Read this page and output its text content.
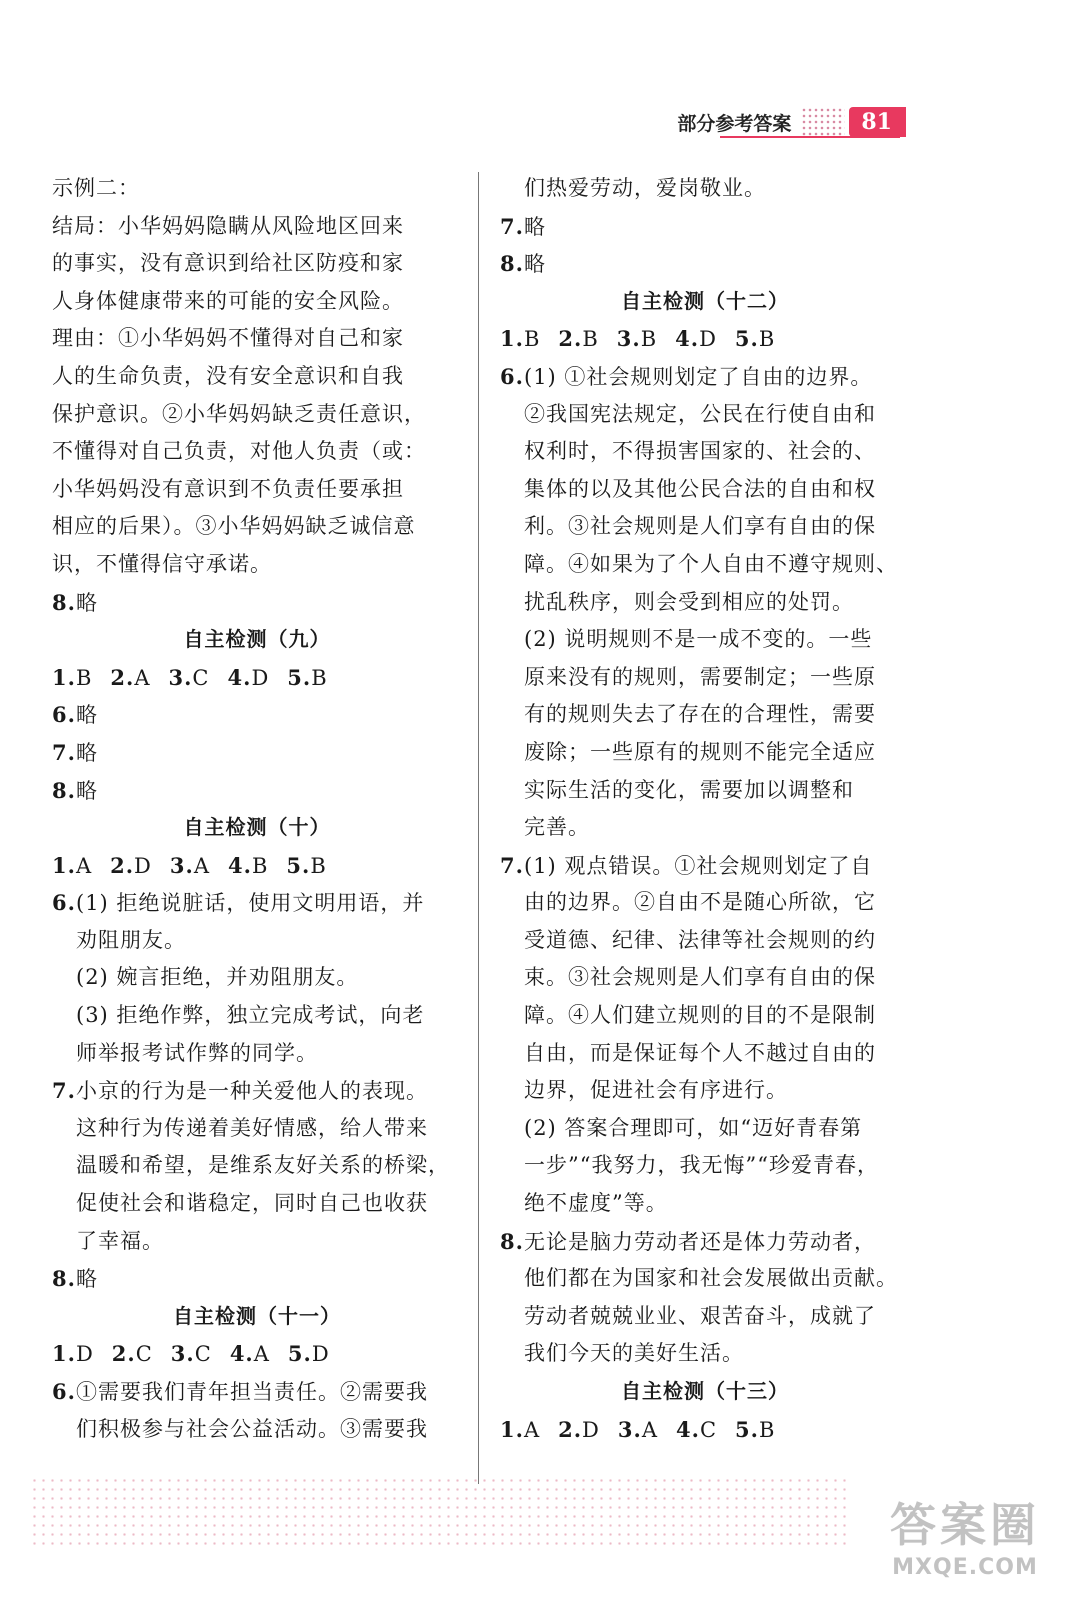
部分参考答案	81
示例二：
结局：小华妈妈隐瞒从风险地区回来
的事实，没有意识到给社区防疫和家
人身体健康带来的可能的安全风险。
理由：①小华妈妈不懂得对自己和家
人的生命负责，没有安全意识和自我
保护意识。②小华妈妈缺乏责任意识，
不懂得对自己负责，对他人负责（或：
小华妈妈没有意识到不负责任要承担
相应的后果）。③小华妈妈缺乏诚信意
识，不懂得信守承诺。
8.略
自主检测（九）
1.B 2.A 3.C 4.D 5.B
6.略
7.略
8.略
自主检测（十）
1.A 2.D 3.A 4.B 5.B
6.(1) 拒绝说脏话，使用文明用语，并
劝阻朋友。
(2) 婉言拒绝，并劝阻朋友。
(3) 拒绝作弊，独立完成考试，向老
师举报考试作弊的同学。
7.小京的行为是一种关爱他人的表现。
这种行为传递着美好情感，给人带来
温暖和希望，是维系友好关系的桥梁，
促使社会和谐稳定，同时自己也收获
了幸福。
8.略
自主检测（十一）
1.D 2.C 3.C 4.A 5.D
6.①需要我们青年担当责任。②需要我
们积极参与社会公益活动。③需要我
们热爱劳动，爱岗敬业。
7.略
8.略
自主检测（十二）
1.B 2.B 3.B 4.D 5.B
6.(1) ①社会规则划定了自由的边界。
②我国宪法规定，公民在行使自由和
权利时，不得损害国家的、社会的、
集体的以及其他公民合法的自由和权
利。③社会规则是人们享有自由的保
障。④如果为了个人自由不遵守规则、
扰乱秩序，则会受到相应的处罚。
(2) 说明规则不是一成不变的。一些
原来没有的规则，需要制定；一些原
有的规则失去了存在的合理性，需要
废除；一些原有的规则不能完全适应
实际生活的变化，需要加以调整和
完善。
7.(1) 观点错误。①社会规则划定了自
由的边界。②自由不是随心所欲，它
受道德、纪律、法律等社会规则的约
束。③社会规则是人们享有自由的保
障。④人们建立规则的目的不是限制
自由，而是保证每个人不越过自由的
边界，促进社会有序进行。
(2) 答案合理即可，如“迈好青春第
一步”“我努力，我无悔”“珍爱青春，
绝不虚度”等。
8.无论是脑力劳动者还是体力劳动者，
他们都在为国家和社会发展做出贡献。
劳动者兢兢业业、艰苦奋斗，成就了
我们今天的美好生活。
自主检测（十三）
1.A 2.D 3.A 4.C 5.B
答案圈
MXQE.COM
